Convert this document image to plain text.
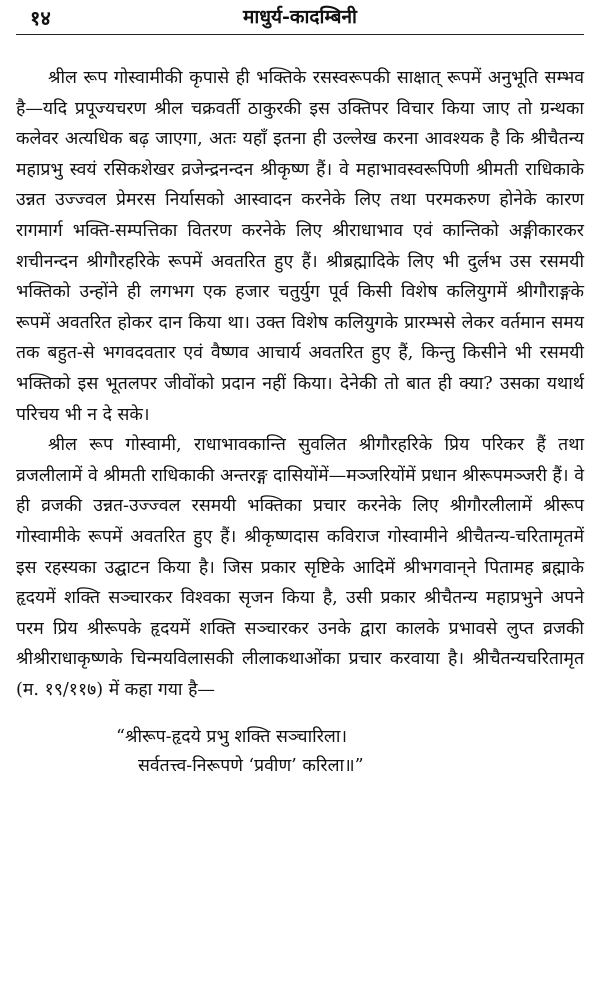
१४	माधुर्य-कादम्बिनी

श्रील रूप गोस्वामीकी कृपासे ही भक्तिके रसस्वरूपकी साक्षात् रूपमें अनुभूति सम्भव है—यदि प्रपूज्यचरण श्रील चक्रवर्ती ठाकुरकी इस उक्तिपर विचार किया जाए तो ग्रन्थका कलेवर अत्यधिक बढ़ जाएगा, अतः यहाँ इतना ही उल्लेख करना आवश्यक है कि श्रीचैतन्य महाप्रभु स्वयं रसिकशेखर व्रजेन्द्रनन्दन श्रीकृष्ण हैं। वे महाभावस्वरूपिणी श्रीमती राधिकाके उन्नत उज्ज्वल प्रेमरस निर्यासको आस्वादन करनेके लिए तथा परमकरुण होनेके कारण रागमार्ग भक्ति-सम्पत्तिका वितरण करनेके लिए श्रीराधाभाव एवं कान्तिको अङ्गीकारकर शचीनन्दन श्रीगौरहरिके रूपमें अवतरित हुए हैं। श्रीब्रह्मादिके लिए भी दुर्लभ उस रसमयी भक्तिको उन्होंने ही लगभग एक हजार चतुर्युग पूर्व किसी विशेष कलियुगमें श्रीगौराङ्गके रूपमें अवतरित होकर दान किया था। उक्त विशेष कलियुगके प्रारम्भसे लेकर वर्तमान समय तक बहुत-से भगवदवतार एवं वैष्णव आचार्य अवतरित हुए हैं, किन्तु किसीने भी रसमयी भक्तिको इस भूतलपर जीवोंको प्रदान नहीं किया। देनेकी तो बात ही क्या? उसका यथार्थ परिचय भी न दे सके।

श्रील रूप गोस्वामी, राधाभावकान्ति सुवलित श्रीगौरहरिके प्रिय परिकर हैं तथा व्रजलीलामें वे श्रीमती राधिकाकी अन्तरङ्ग दासियोंमें—मञ्जरियोंमें प्रधान श्रीरूपमञ्जरी हैं। वे ही व्रजकी उन्नत-उज्ज्वल रसमयी भक्तिका प्रचार करनेके लिए श्रीगौरलीलामें श्रीरूप गोस्वामीके रूपमें अवतरित हुए हैं। श्रीकृष्णदास कविराज गोस्वामीने श्रीचैतन्य-चरितामृतमें इस रहस्यका उद्घाटन किया है। जिस प्रकार सृष्टिके आदिमें श्रीभगवान्‌ने पितामह ब्रह्माके हृदयमें शक्ति सञ्चारकर विश्वका सृजन किया है, उसी प्रकार श्रीचैतन्य महाप्रभुने अपने परम प्रिय श्रीरूपके हृदयमें शक्ति सञ्चारकर उनके द्वारा कालके प्रभावसे लुप्त व्रजकी श्रीश्रीराधाकृष्णके चिन्मयविलासकी लीलाकथाओंका प्रचार करवाया है। श्रीचैतन्यचरितामृत (म. १९/११७) में कहा गया है—

“श्रीरूप-हृदये प्रभु शक्ति सञ्चारिला।

सर्वतत्त्व-निरूपणे ‘प्रवीण’ करिला॥”
